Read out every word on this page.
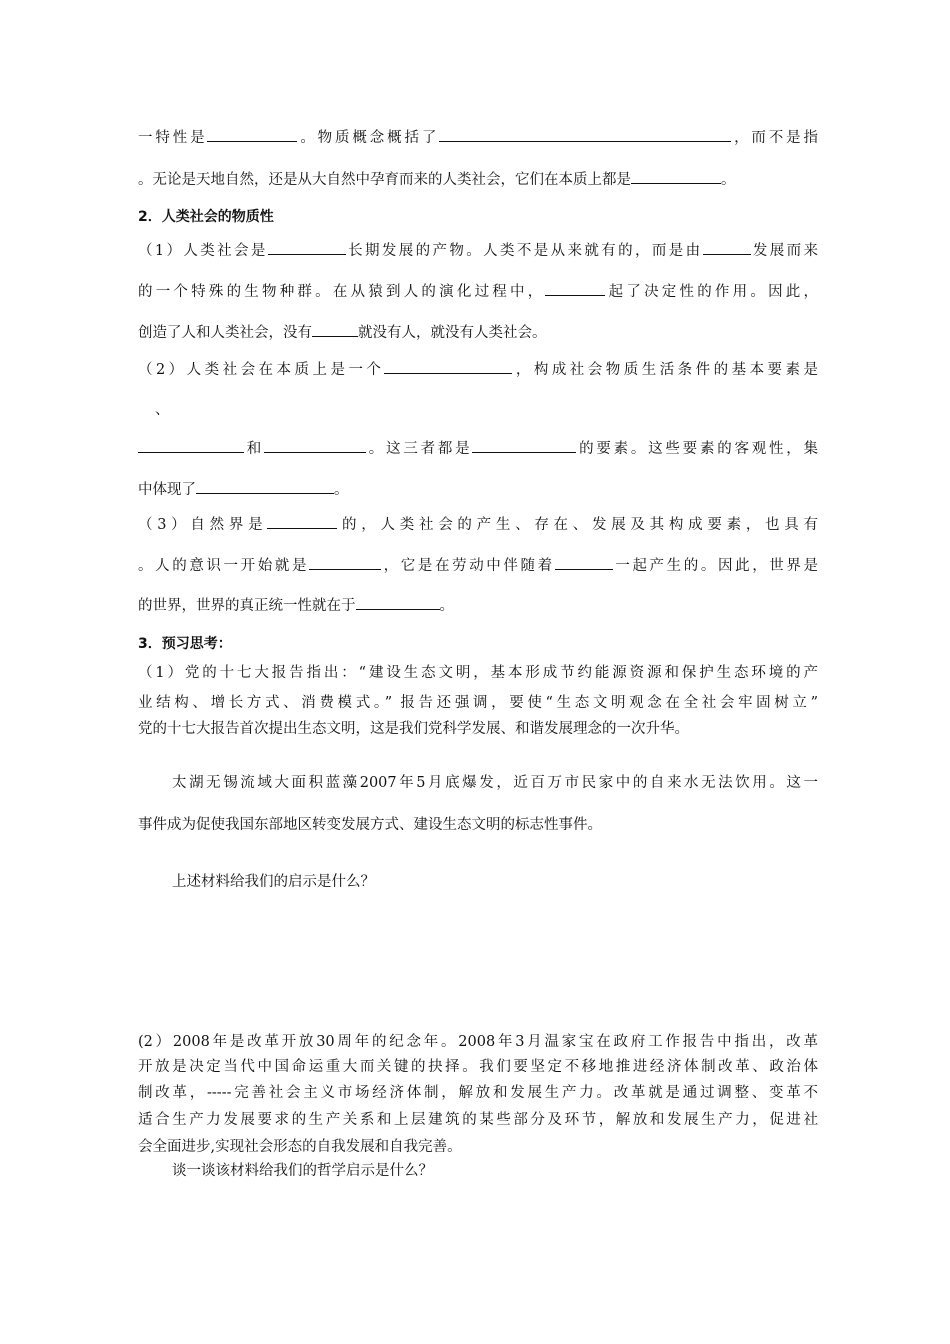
一特性是	。物质概念概括了	，而不是指
。无论是天地自然，还是从大自然中孕育而来的人类社会，它们在本质上都是	。
2．人类社会的物质性
（1）人类社会是	长期发展的产物。人类不是从来就有的，而是由	发展而来
的一个特殊的生物种群。在从猿到人的演化过程中，	起了决定性的作用。因此，
创造了人和人类社会，没有	就没有人，就没有人类社会。
（2）人类社会在本质上是一个	，构成社会物质生活条件的基本要素是
、
和	。这三者都是	的要素。这些要素的客观性，集
中体现了	。
（3）自然界是	的，人类社会的产生、存在、发展及其构成要素，也具有
。人的意识一开始就是	，它是在劳动中伴随着	一起产生的。因此，世界是
的世界，世界的真正统一性就在于	。
3．预习思考：
（1）党的十七大报告指出：“建设生态文明，基本形成节约能源资源和保护生态环境的产
业结构、增长方式、消费模式。” 报告还强调，要使“生态文明观念在全社会牢固树立”
党的十七大报告首次提出生态文明，这是我们党科学发展、和谐发展理念的一次升华。
太湖无锡流域大面积蓝藻2007年5月底爆发，近百万市民家中的自来水无法饮用。这一
事件成为促使我国东部地区转变发展方式、建设生态文明的标志性事件。
上述材料给我们的启示是什么？
(2）2008年是改革开放30周年的纪念年。2008年3月温家宝在政府工作报告中指出，改革
开放是决定当代中国命运重大而关键的抉择。我们要坚定不移地推进经济体制改革、政治体
制改革，-----完善社会主义市场经济体制，解放和发展生产力。改革就是通过调整、变革不
适合生产力发展要求的生产关系和上层建筑的某些部分及环节，解放和发展生产力，促进社
会全面进步,实现社会形态的自我发展和自我完善。
谈一谈该材料给我们的哲学启示是什么？
